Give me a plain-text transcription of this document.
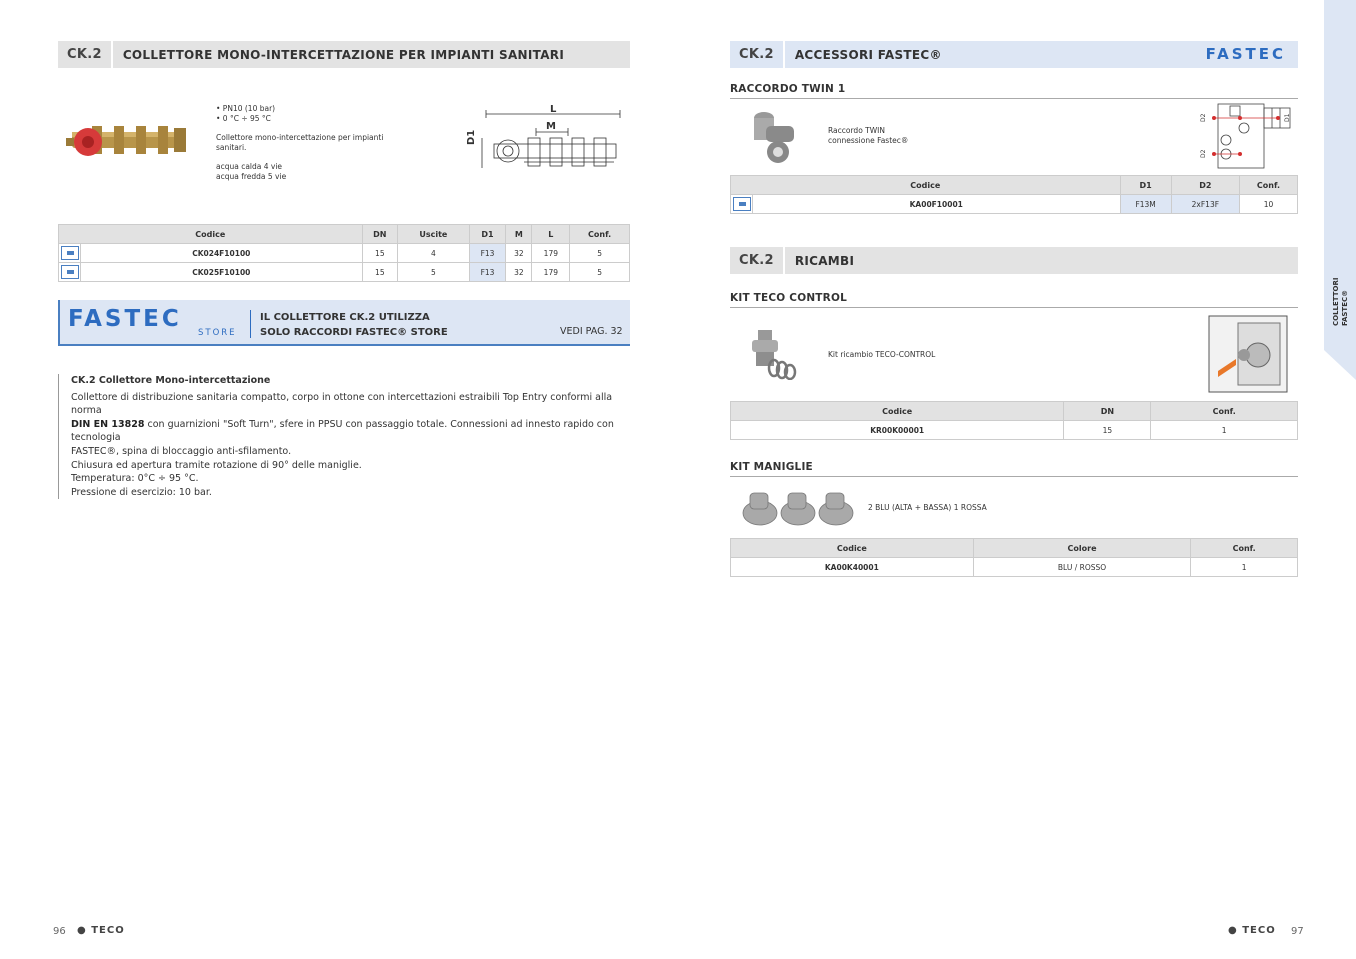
CK.2	COLLETTORE MONO-INTERCETTAZIONE PER IMPIANTI SANITARI
• PN10 (10 bar)
• 0 °C ÷ 95 °C
Collettore mono-intercettazione per impianti sanitari.
acqua calda 4 vie
acqua fredda 5 vie
L
M
D1
Codice		DN	Uscite	D1	M	L	Conf.
	CK024F10100	15	4	F13	32	179	5
	CK025F10100	15	5	F13	32	179	5
FASTEC
STORE
IL COLLETTORE CK.2 UTILIZZA
SOLO RACCORDI FASTEC® STORE	VEDI PAG. 32
CK.2 Collettore Mono-intercettazione
Collettore di distribuzione sanitaria compatto, corpo in ottone con intercettazioni estraibili Top Entry conformi alla norma
DIN EN 13828 con guarnizioni "Soft Turn", sfere in PPSU con passaggio totale. Connessioni ad innesto rapido con tecnologia
FASTEC®, spina di bloccaggio anti-sfilamento.
Chiusura ed apertura tramite rotazione di 90° delle maniglie.
Temperatura: 0°C ÷ 95 °C.
Pressione di esercizio: 10 bar.
96 ● TECO
CK.2	ACCESSORI FASTEC®	FASTEC
RACCORDO TWIN 1
Raccordo TWIN
connessione Fastec®
D2
D2
D1
Codice		D1	D2	Conf.
	KA00F10001	F13M	2xF13F	10
CK.2	RICAMBI
KIT TECO CONTROL
Kit ricambio TECO-CONTROL
Codice	DN	Conf.
KR00K00001	15	1
KIT MANIGLIE
2 BLU (ALTA + BASSA) 1 ROSSA
Codice	Colore	Conf.
KA00K40001	BLU / ROSSO	1
COLLETTORI FASTEC®
● TECO 97
